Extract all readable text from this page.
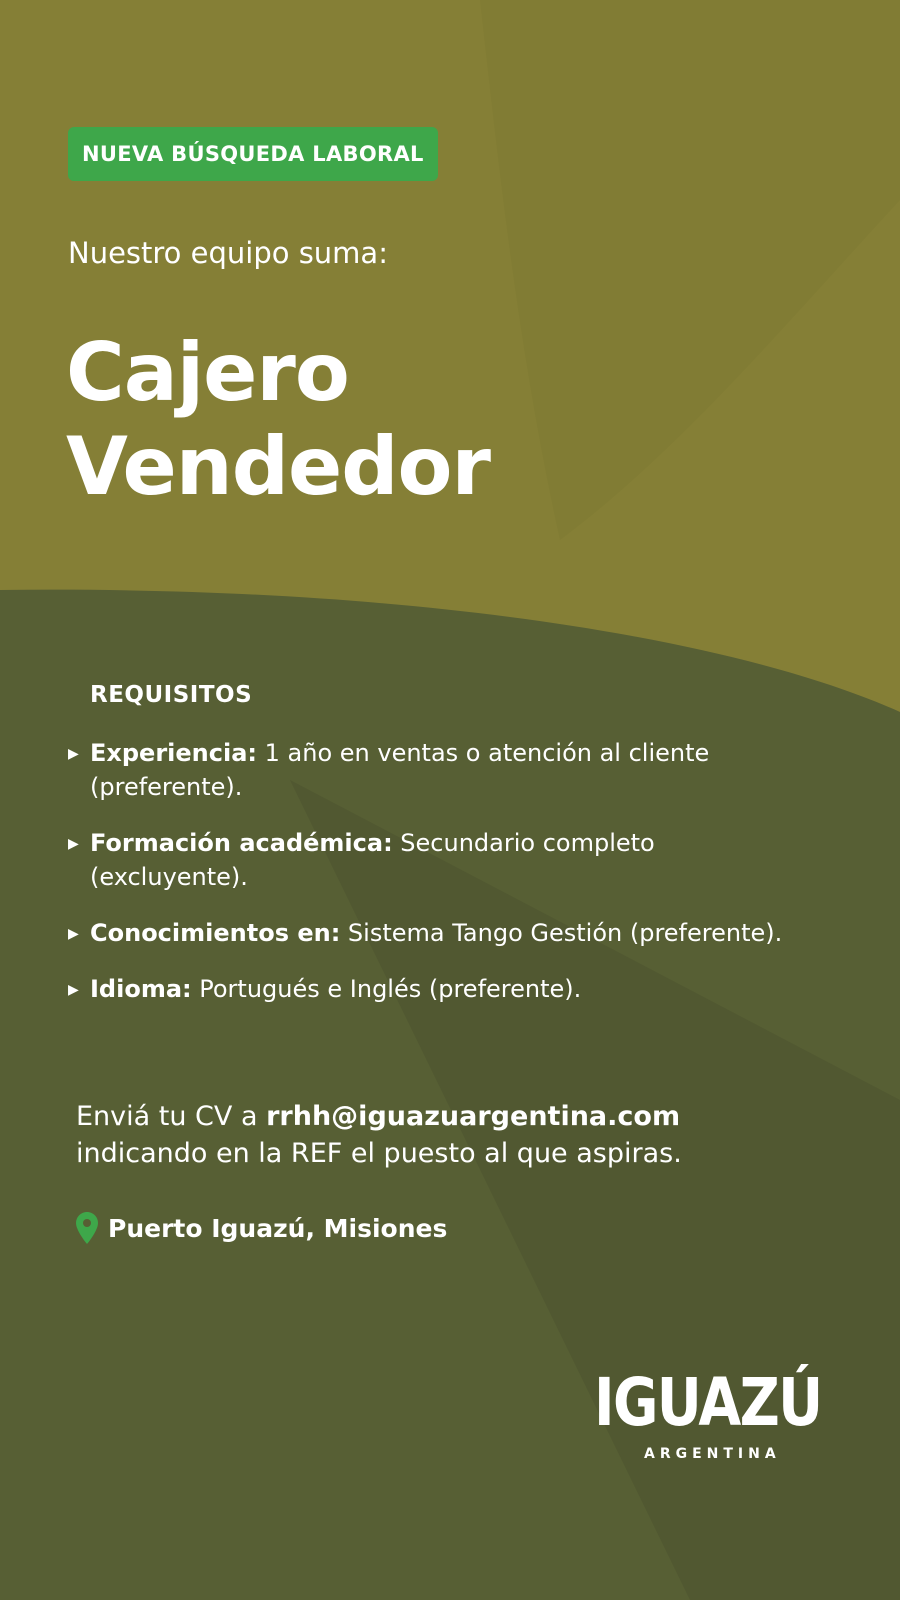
NUEVA BÚSQUEDA LABORAL
Nuestro equipo suma:
Cajero
Vendedor
REQUISITOS
▶ Experiencia: 1 año en ventas o atención al cliente (preferente).
▶ Formación académica: Secundario completo (excluyente).
▶ Conocimientos en: Sistema Tango Gestión (preferente).
▶ Idioma: Portugués e Inglés (preferente).
Enviá tu CV a rrhh@iguazuargentina.com
indicando en la REF el puesto al que aspiras.
Puerto Iguazú, Misiones
IGUAZÚ
ARGENTINA
